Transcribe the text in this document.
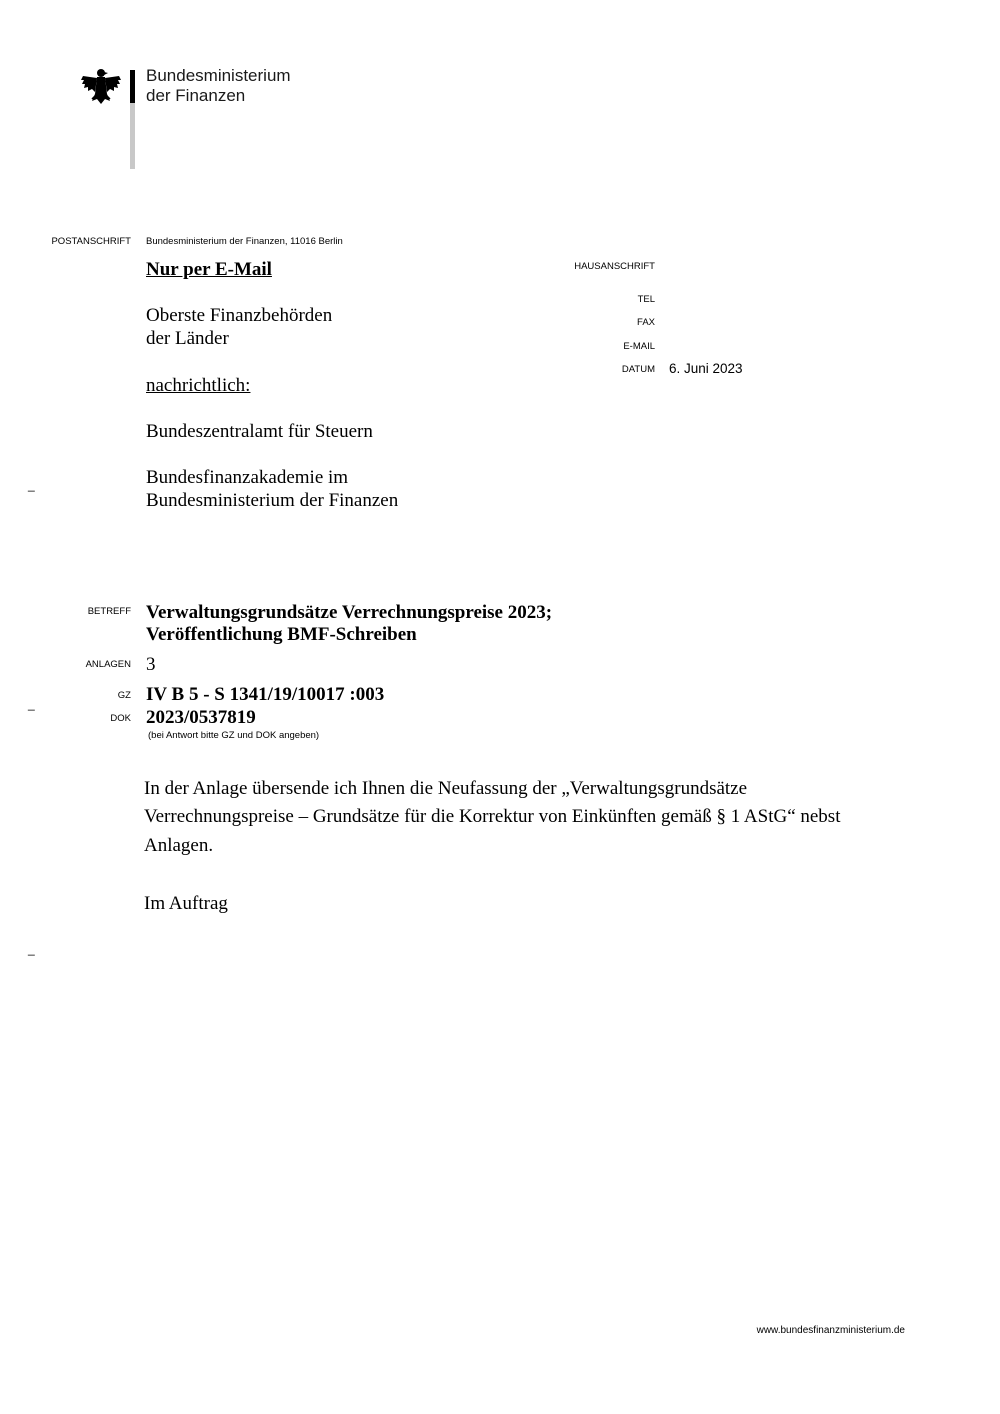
Bundesministerium
der Finanzen
POSTANSCHRIFT Bundesministerium der Finanzen, 11016 Berlin
Nur per E-Mail
Oberste Finanzbehörden
der Länder
nachrichtlich:
Bundeszentralamt für Steuern
Bundesfinanzakademie im
Bundesministerium der Finanzen
HAUSANSCHRIFT
TEL
FAX
E-MAIL
DATUM 6. Juni 2023
BETREFF Verwaltungsgrundsätze Verrechnungspreise 2023;
Veröffentlichung BMF-Schreiben
ANLAGEN 3
GZ IV B 5 - S 1341/19/10017 :003
DOK 2023/0537819
(bei Antwort bitte GZ und DOK angeben)
In der Anlage übersende ich Ihnen die Neufassung der „Verwaltungsgrundsätze
Verrechnungspreise – Grundsätze für die Korrektur von Einkünften gemäß § 1 AStG“ nebst
Anlagen.
Im Auftrag
_
_
_
www.bundesfinanzministerium.de
